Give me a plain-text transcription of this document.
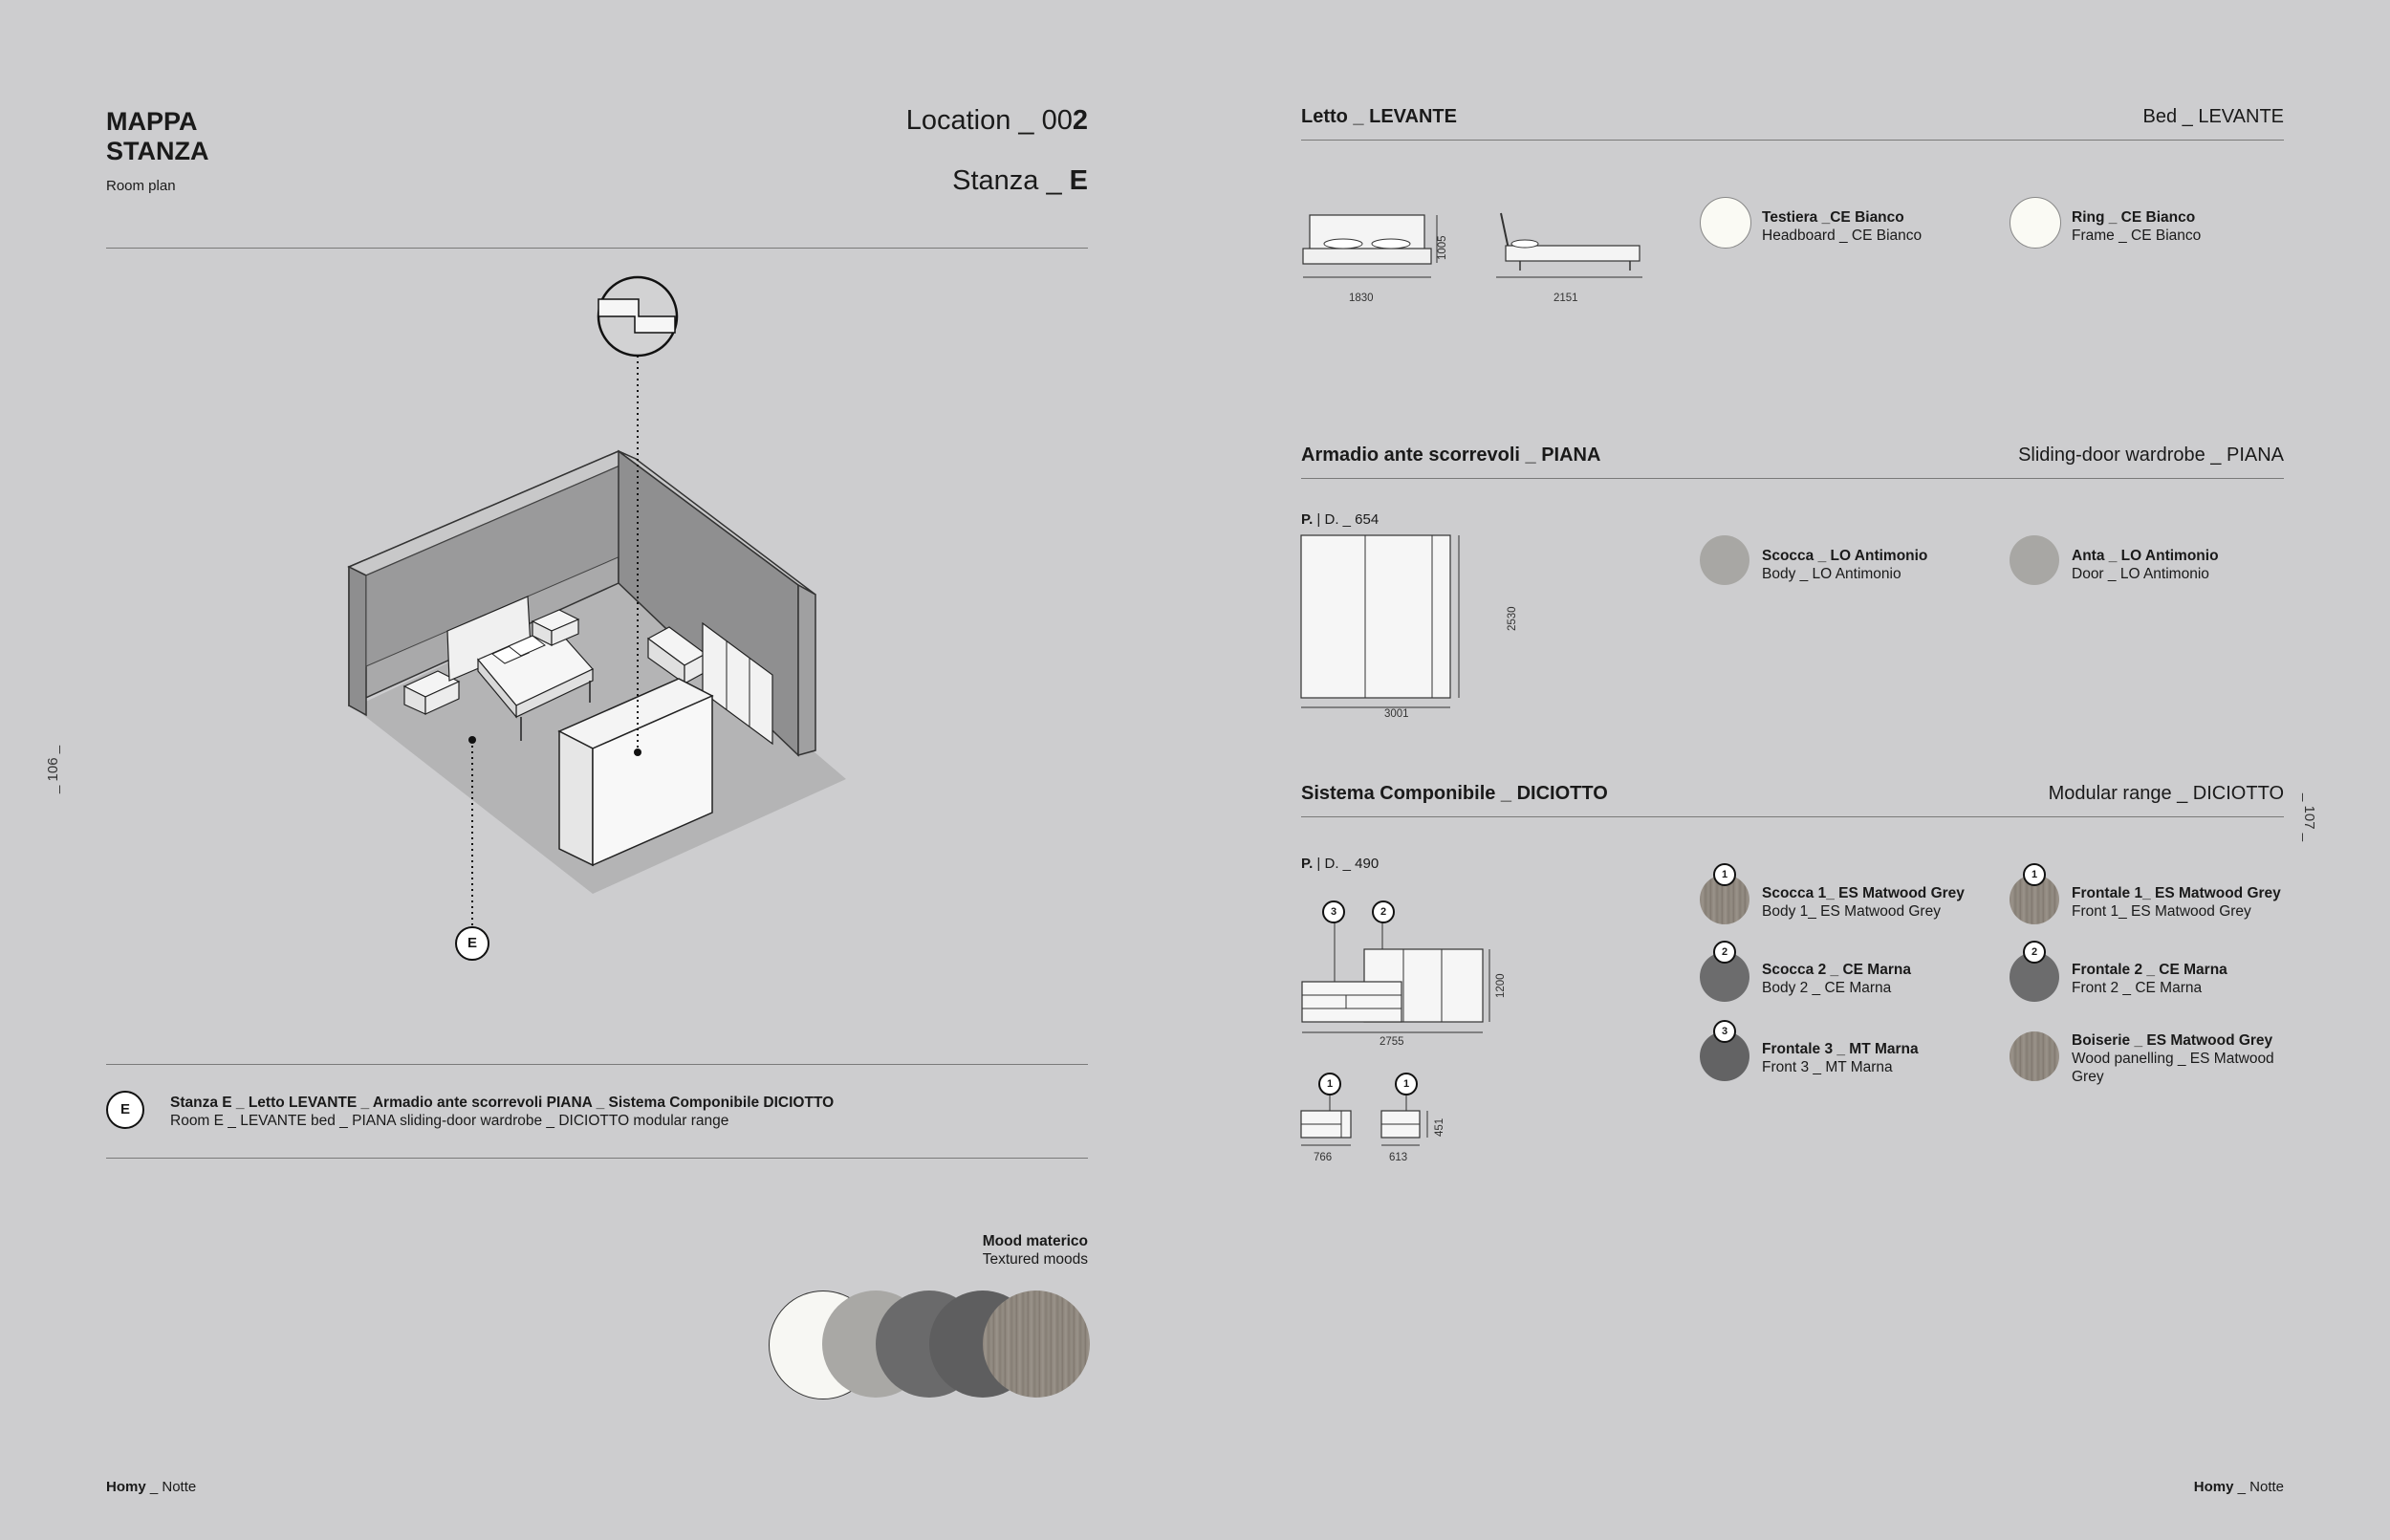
MAPPA
STANZA
Room plan
Location _ 002
Stanza _ E
E
E	Stanza E _ Letto LEVANTE _ Armadio ante scorrevoli PIANA _ Sistema Componibile DICIOTTO
Room E _ LEVANTE bed _ PIANA sliding-door wardrobe _ DICIOTTO modular range
Mood materico
Textured moods
_ 106 _
Homy _ Notte
Letto _ LEVANTE	Bed _ LEVANTE
1830
1005
2151
Testiera _CE Bianco
Headboard _ CE Bianco
Ring _ CE Bianco
Frame _ CE Bianco
Armadio ante scorrevoli _ PIANA	Sliding-door wardrobe _ PIANA
P. | D. _ 654
3001
2530
Scocca _ LO Antimonio
Body _ LO Antimonio
Anta _ LO Antimonio
Door _ LO Antimonio
Sistema Componibile _ DICIOTTO	Modular range _ DICIOTTO
P. | D. _ 490
3	2
1	1
2755
1200
766	613
451
1
Scocca 1_ ES Matwood Grey
Body 1_ ES Matwood Grey
1
Frontale 1_ ES Matwood Grey
Front 1_ ES Matwood Grey
2
Scocca 2 _ CE Marna
Body 2 _ CE Marna
2
Frontale 2 _ CE Marna
Front 2 _ CE Marna
3
Frontale 3 _ MT Marna
Front 3 _ MT Marna
Boiserie _ ES Matwood Grey
Wood panelling _ ES Matwood Grey
_ 107 _
Homy _ Notte
